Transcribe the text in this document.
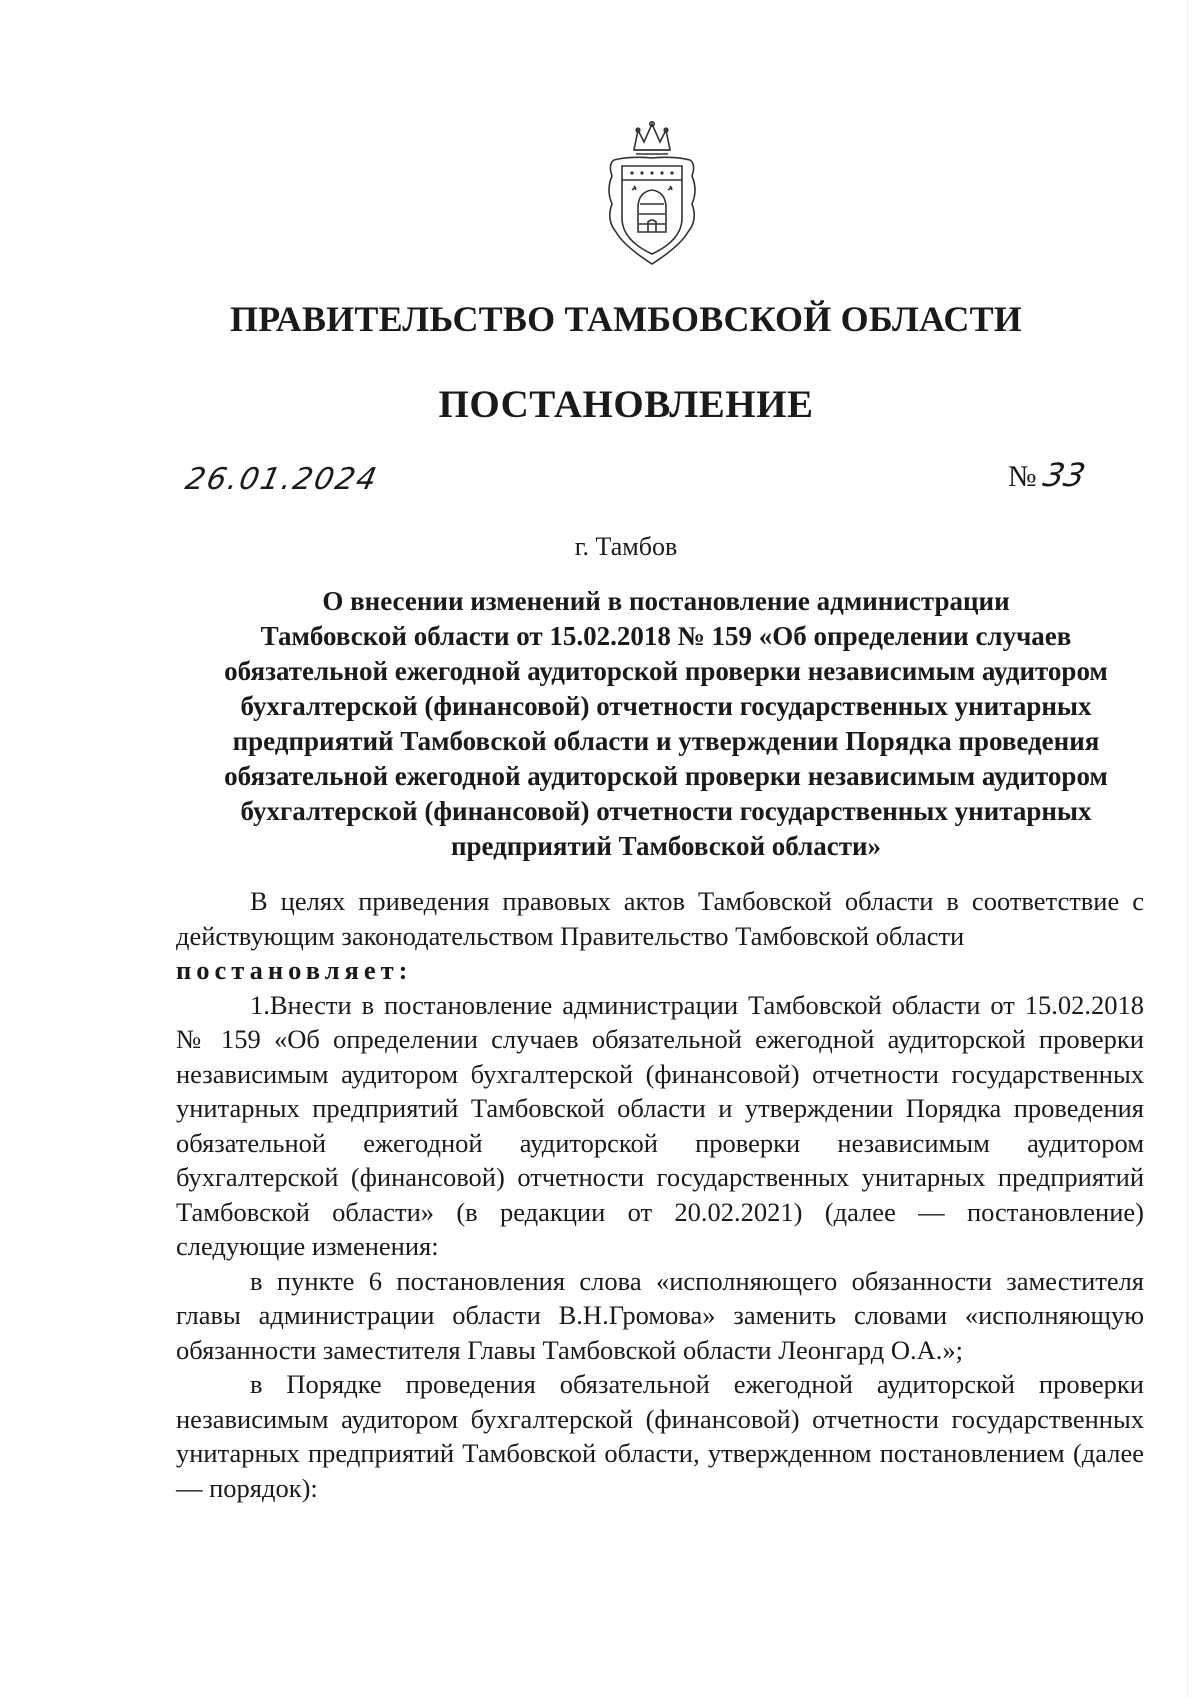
ПРАВИТЕЛЬСТВО ТАМБОВСКОЙ ОБЛАСТИ
ПОСТАНОВЛЕНИЕ
26.01.2024	№ 33
г. Тамбов
О внесении изменений в постановление администрации
Тамбовской области от 15.02.2018 № 159 «Об определении случаев
обязательной ежегодной аудиторской проверки независимым аудитором
бухгалтерской (финансовой) отчетности государственных унитарных
предприятий Тамбовской области и утверждении Порядка проведения
обязательной ежегодной аудиторской проверки независимым аудитором
бухгалтерской (финансовой) отчетности государственных унитарных
предприятий Тамбовской области»

В целях приведения правовых актов Тамбовской области в соответствие с действующим законодательством Правительство Тамбовской области
постановляет:

1.Внести в постановление администрации Тамбовской области от 15.02.2018 № 159 «Об определении случаев обязательной ежегодной аудиторской проверки независимым аудитором бухгалтерской (финансовой) отчетности государственных унитарных предприятий Тамбовской области и утверждении Порядка проведения обязательной ежегодной аудиторской проверки независимым аудитором бухгалтерской (финансовой) отчетности государственных унитарных предприятий Тамбовской области» (в редакции от 20.02.2021) (далее — постановление) следующие изменения:

в пункте 6 постановления слова «исполняющего обязанности заместителя главы администрации области В.Н.Громова» заменить словами «исполняющую обязанности заместителя Главы Тамбовской области Леонгард О.А.»;

в Порядке проведения обязательной ежегодной аудиторской проверки независимым аудитором бухгалтерской (финансовой) отчетности государственных унитарных предприятий Тамбовской области, утвержденном постановлением (далее — порядок):
